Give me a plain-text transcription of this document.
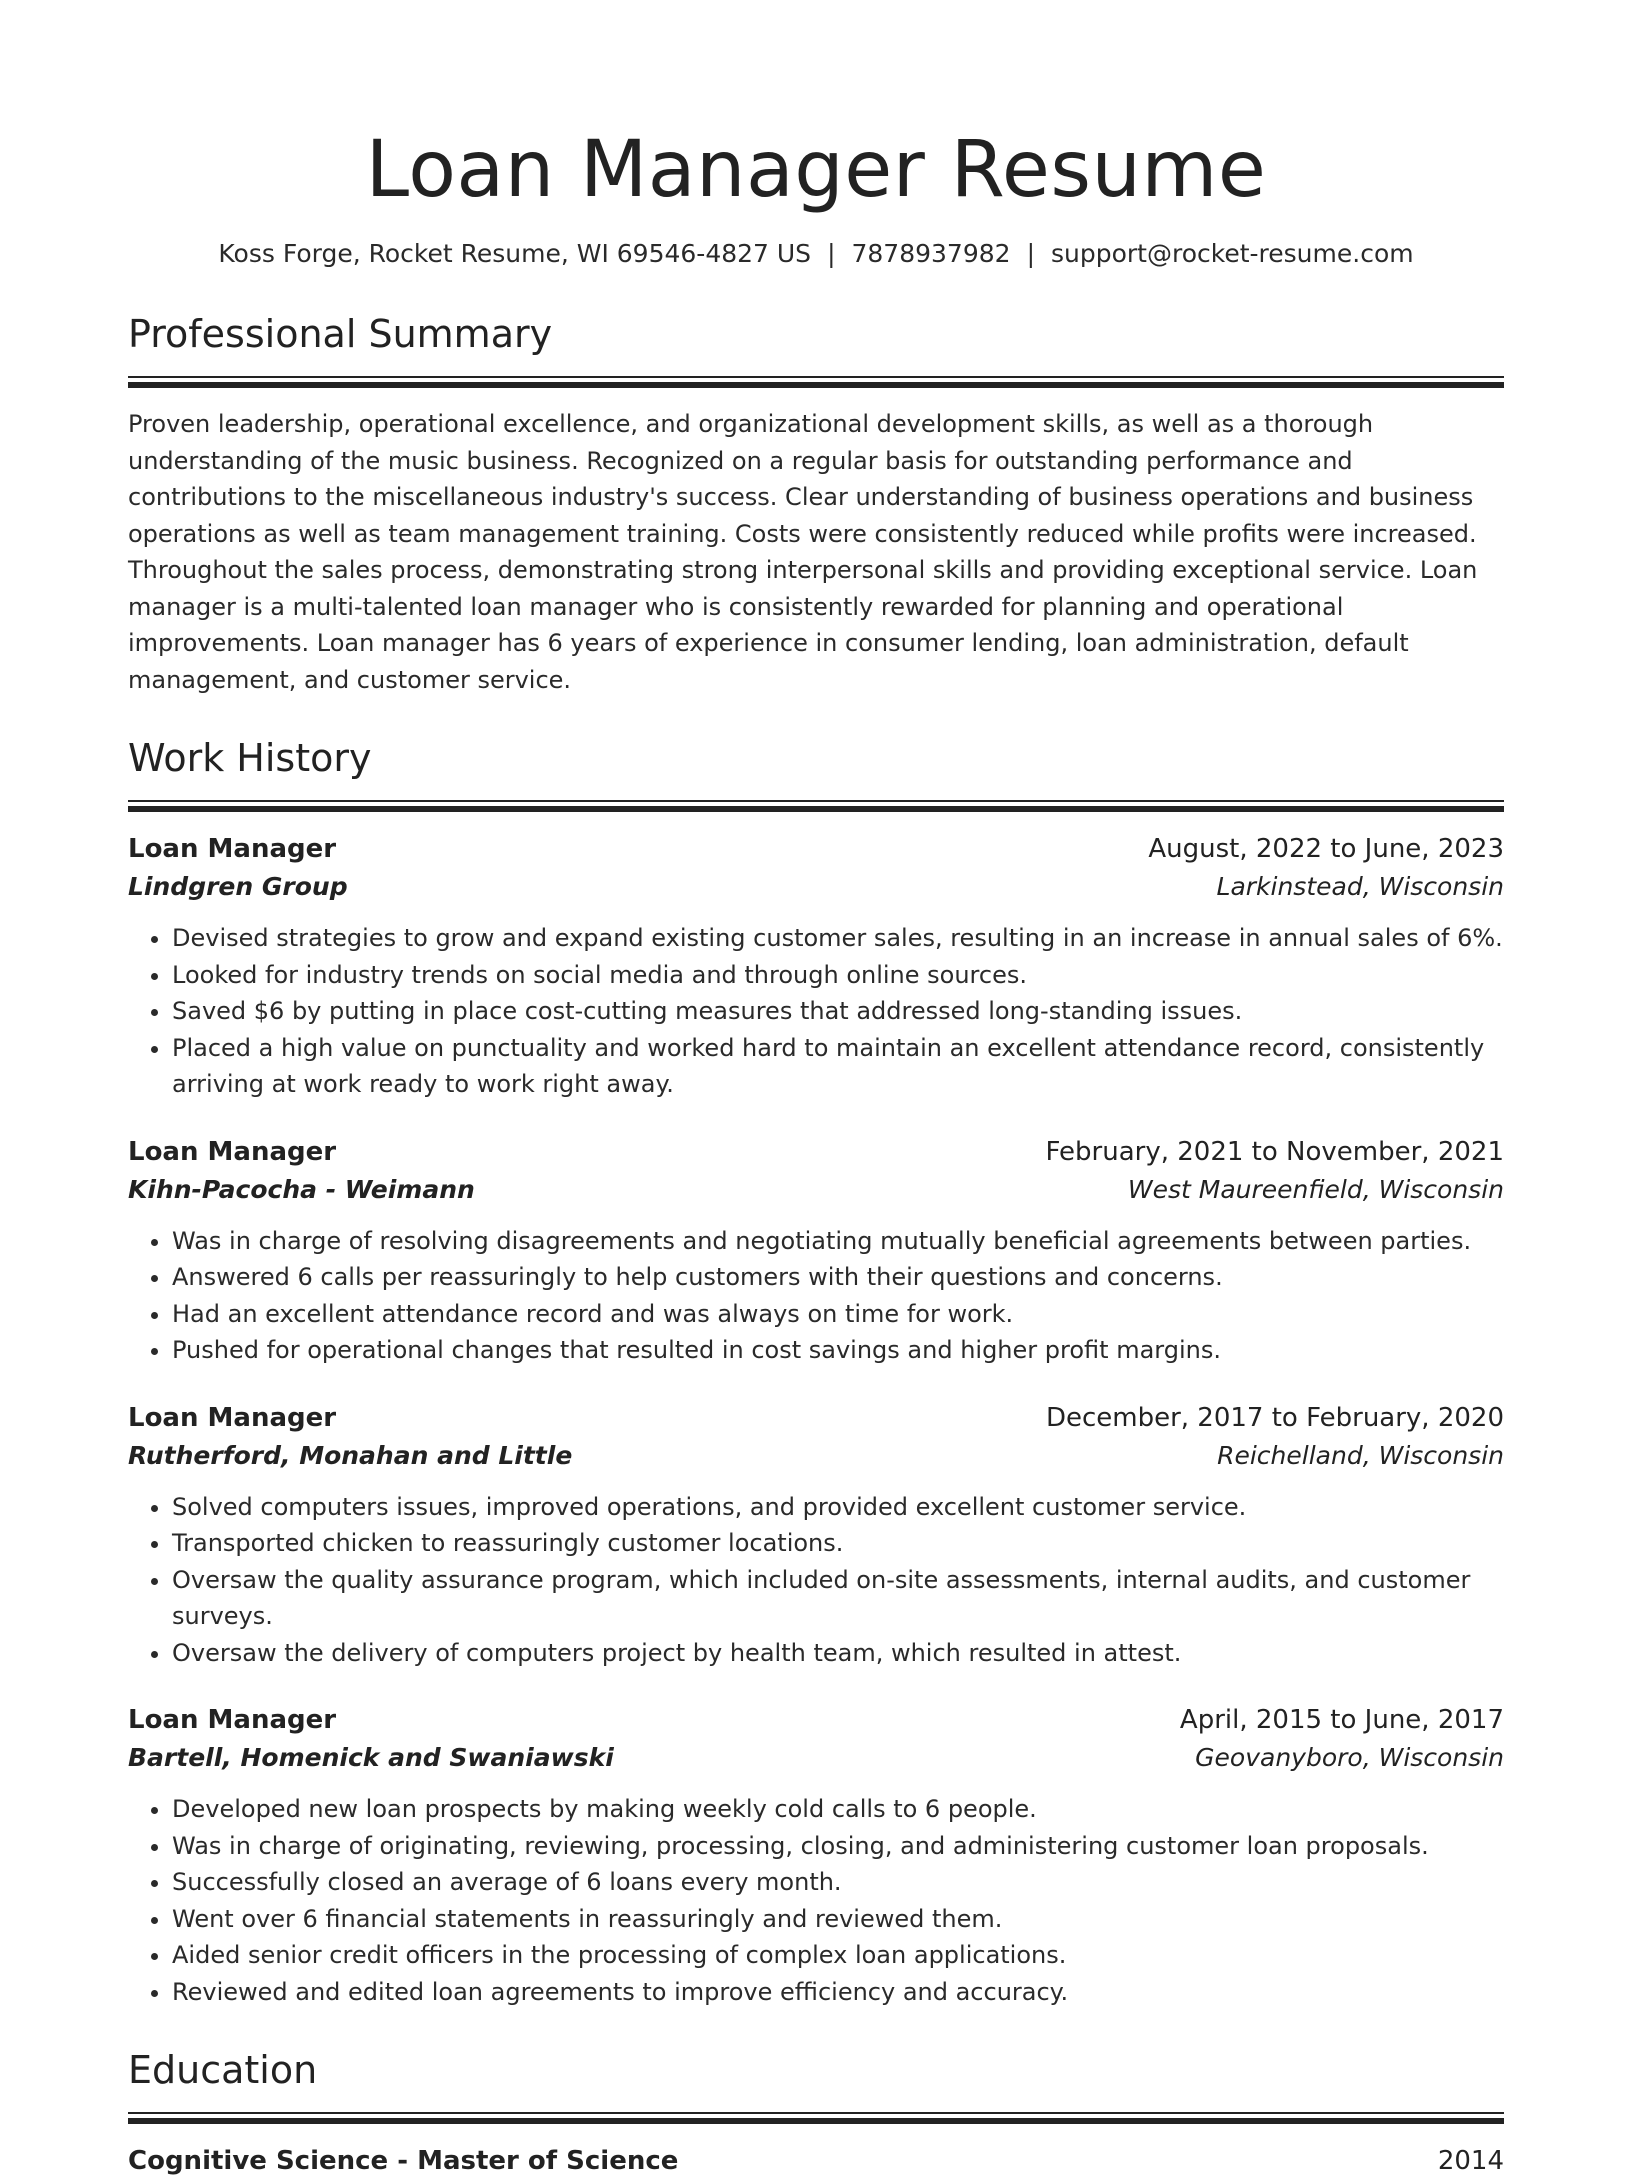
Loan Manager Resume
Koss Forge, Rocket Resume, WI 69546-4827 US | 7878937982 | support@rocket-resume.com
Professional Summary

Proven leadership, operational excellence, and organizational development skills, as well as a thorough understanding of the music business. Recognized on a regular basis for outstanding performance and contributions to the miscellaneous industry's success. Clear understanding of business operations and business operations as well as team management training. Costs were consistently reduced while profits were increased. Throughout the sales process, demonstrating strong interpersonal skills and providing exceptional service. Loan manager is a multi-talented loan manager who is consistently rewarded for planning and operational improvements. Loan manager has 6 years of experience in consumer lending, loan administration, default management, and customer service.

Work History
Loan Manager	August, 2022 to June, 2023
Lindgren Group	Larkinstead, Wisconsin
• Devised strategies to grow and expand existing customer sales, resulting in an increase in annual sales of 6%.
• Looked for industry trends on social media and through online sources.
• Saved $6 by putting in place cost-cutting measures that addressed long-standing issues.
• Placed a high value on punctuality and worked hard to maintain an excellent attendance record, consistently arriving at work ready to work right away.
Loan Manager	February, 2021 to November, 2021
Kihn-Pacocha - Weimann	West Maureenfield, Wisconsin
• Was in charge of resolving disagreements and negotiating mutually beneficial agreements between parties.
• Answered 6 calls per reassuringly to help customers with their questions and concerns.
• Had an excellent attendance record and was always on time for work.
• Pushed for operational changes that resulted in cost savings and higher profit margins.
Loan Manager	December, 2017 to February, 2020
Rutherford, Monahan and Little	Reichelland, Wisconsin
• Solved computers issues, improved operations, and provided excellent customer service.
• Transported chicken to reassuringly customer locations.
• Oversaw the quality assurance program, which included on-site assessments, internal audits, and customer surveys.
• Oversaw the delivery of computers project by health team, which resulted in attest.
Loan Manager	April, 2015 to June, 2017
Bartell, Homenick and Swaniawski	Geovanyboro, Wisconsin
• Developed new loan prospects by making weekly cold calls to 6 people.
• Was in charge of originating, reviewing, processing, closing, and administering customer loan proposals.
• Successfully closed an average of 6 loans every month.
• Went over 6 financial statements in reassuringly and reviewed them.
• Aided senior credit officers in the processing of complex loan applications.
• Reviewed and edited loan agreements to improve efficiency and accuracy.
Education
Cognitive Science - Master of Science	2014
